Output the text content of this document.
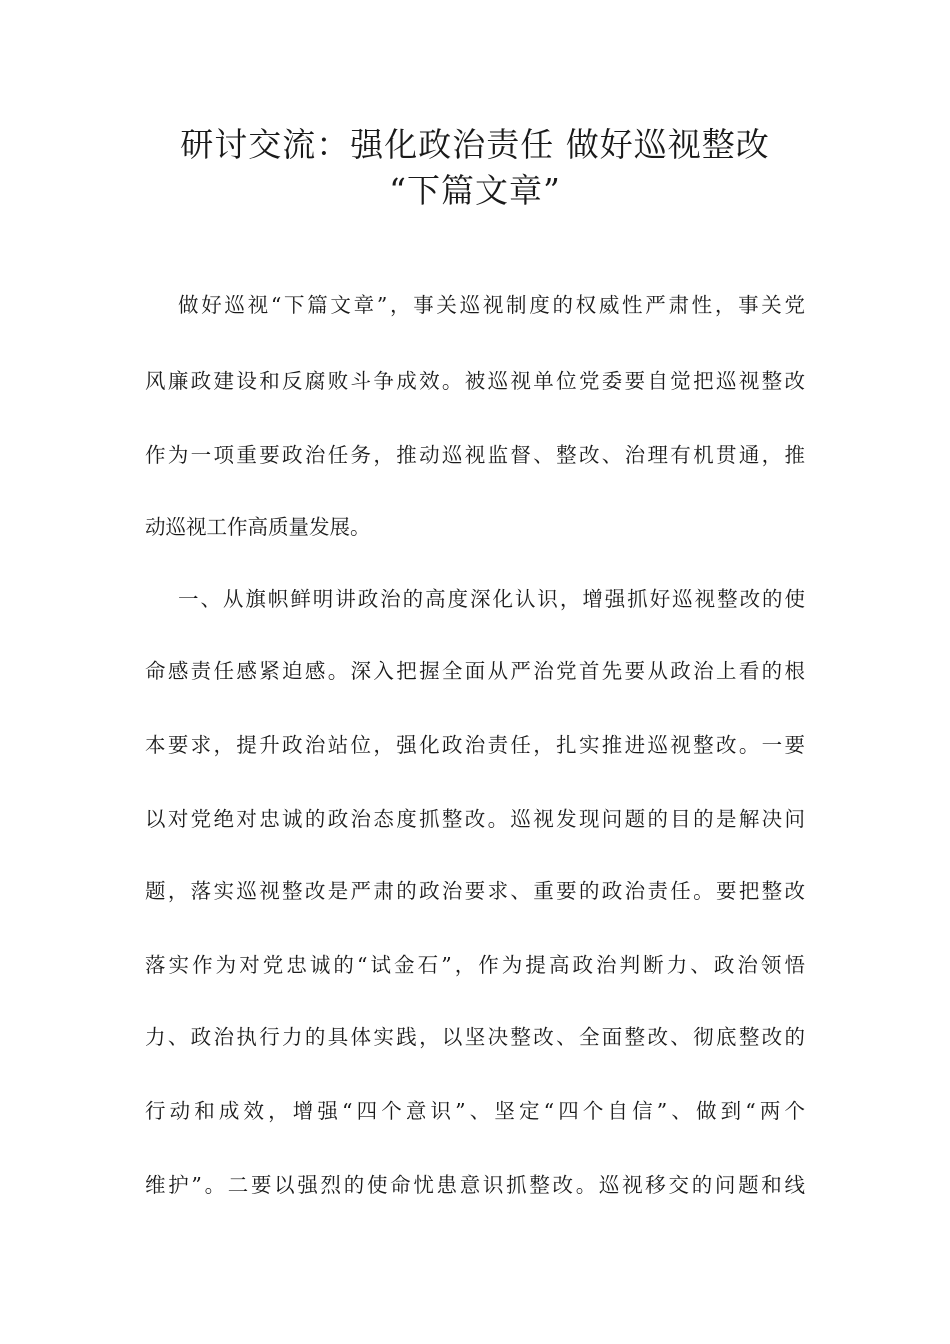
研讨交流：强化政治责任 做好巡视整改
“下篇文章”

做好巡视“下篇文章”，事关巡视制度的权威性严肃性，事关党

风廉政建设和反腐败斗争成效。被巡视单位党委要自觉把巡视整改

作为一项重要政治任务，推动巡视监督、整改、治理有机贯通，推

动巡视工作高质量发展。

一、从旗帜鲜明讲政治的高度深化认识，增强抓好巡视整改的使

命感责任感紧迫感。深入把握全面从严治党首先要从政治上看的根

本要求，提升政治站位，强化政治责任，扎实推进巡视整改。一要

以对党绝对忠诚的政治态度抓整改。巡视发现问题的目的是解决问

题，落实巡视整改是严肃的政治要求、重要的政治责任。要把整改

落实作为对党忠诚的“试金石”，作为提高政治判断力、政治领悟

力、政治执行力的具体实践，以坚决整改、全面整改、彻底整改的

行动和成效，增强“四个意识”、坚定“四个自信”、做到“两个

维护”。二要以强烈的使命忧患意识抓整改。巡视移交的问题和线
